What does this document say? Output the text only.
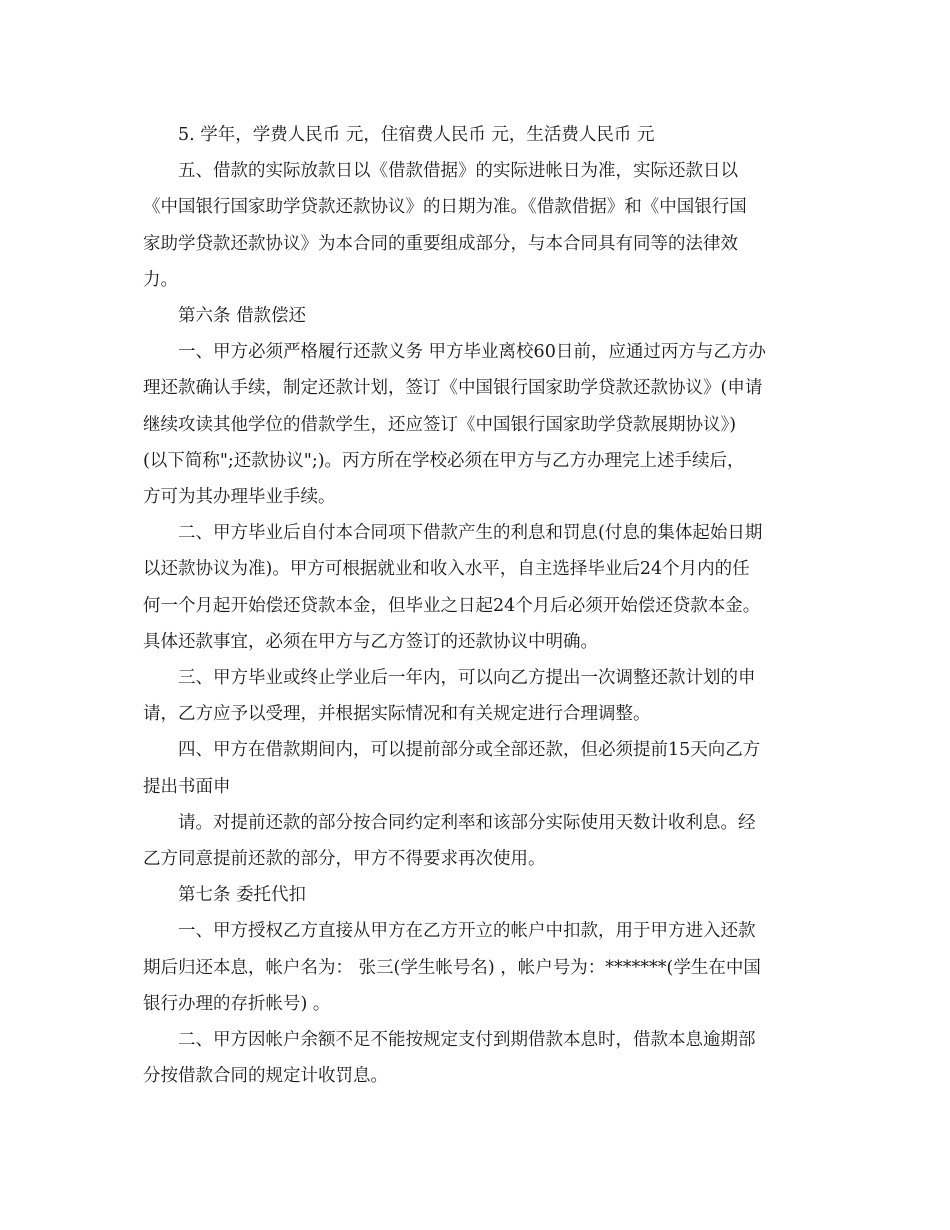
5. 学年，学费人民币 元，住宿费人民币 元，生活费人民币 元
五、借款的实际放款日以《借款借据》的实际进帐日为准，实际还款日以
《中国银行国家助学贷款还款协议》的日期为准。《借款借据》和《中国银行国
家助学贷款还款协议》为本合同的重要组成部分，与本合同具有同等的法律效
力。
第六条 借款偿还
一、甲方必须严格履行还款义务 甲方毕业离校60日前，应通过丙方与乙方办
理还款确认手续，制定还款计划，签订《中国银行国家助学贷款还款协议》(申请
继续攻读其他学位的借款学生，还应签订《中国银行国家助学贷款展期协议》)
(以下简称";还款协议";)。丙方所在学校必须在甲方与乙方办理完上述手续后，
方可为其办理毕业手续。
二、甲方毕业后自付本合同项下借款产生的利息和罚息(付息的集体起始日期
以还款协议为准)。甲方可根据就业和收入水平，自主选择毕业后24个月内的任
何一个月起开始偿还贷款本金，但毕业之日起24个月后必须开始偿还贷款本金。
具体还款事宜，必须在甲方与乙方签订的还款协议中明确。
三、甲方毕业或终止学业后一年内，可以向乙方提出一次调整还款计划的申
请，乙方应予以受理，并根据实际情况和有关规定进行合理调整。
四、甲方在借款期间内，可以提前部分或全部还款，但必须提前15天向乙方
提出书面申
请。对提前还款的部分按合同约定利率和该部分实际使用天数计收利息。经
乙方同意提前还款的部分，甲方不得要求再次使用。
第七条 委托代扣
一、甲方授权乙方直接从甲方在乙方开立的帐户中扣款，用于甲方进入还款
期后归还本息，帐户名为： 张三(学生帐号名) ，帐户号为：*******(学生在中国
银行办理的存折帐号) 。
二、甲方因帐户余额不足不能按规定支付到期借款本息时，借款本息逾期部
分按借款合同的规定计收罚息。
